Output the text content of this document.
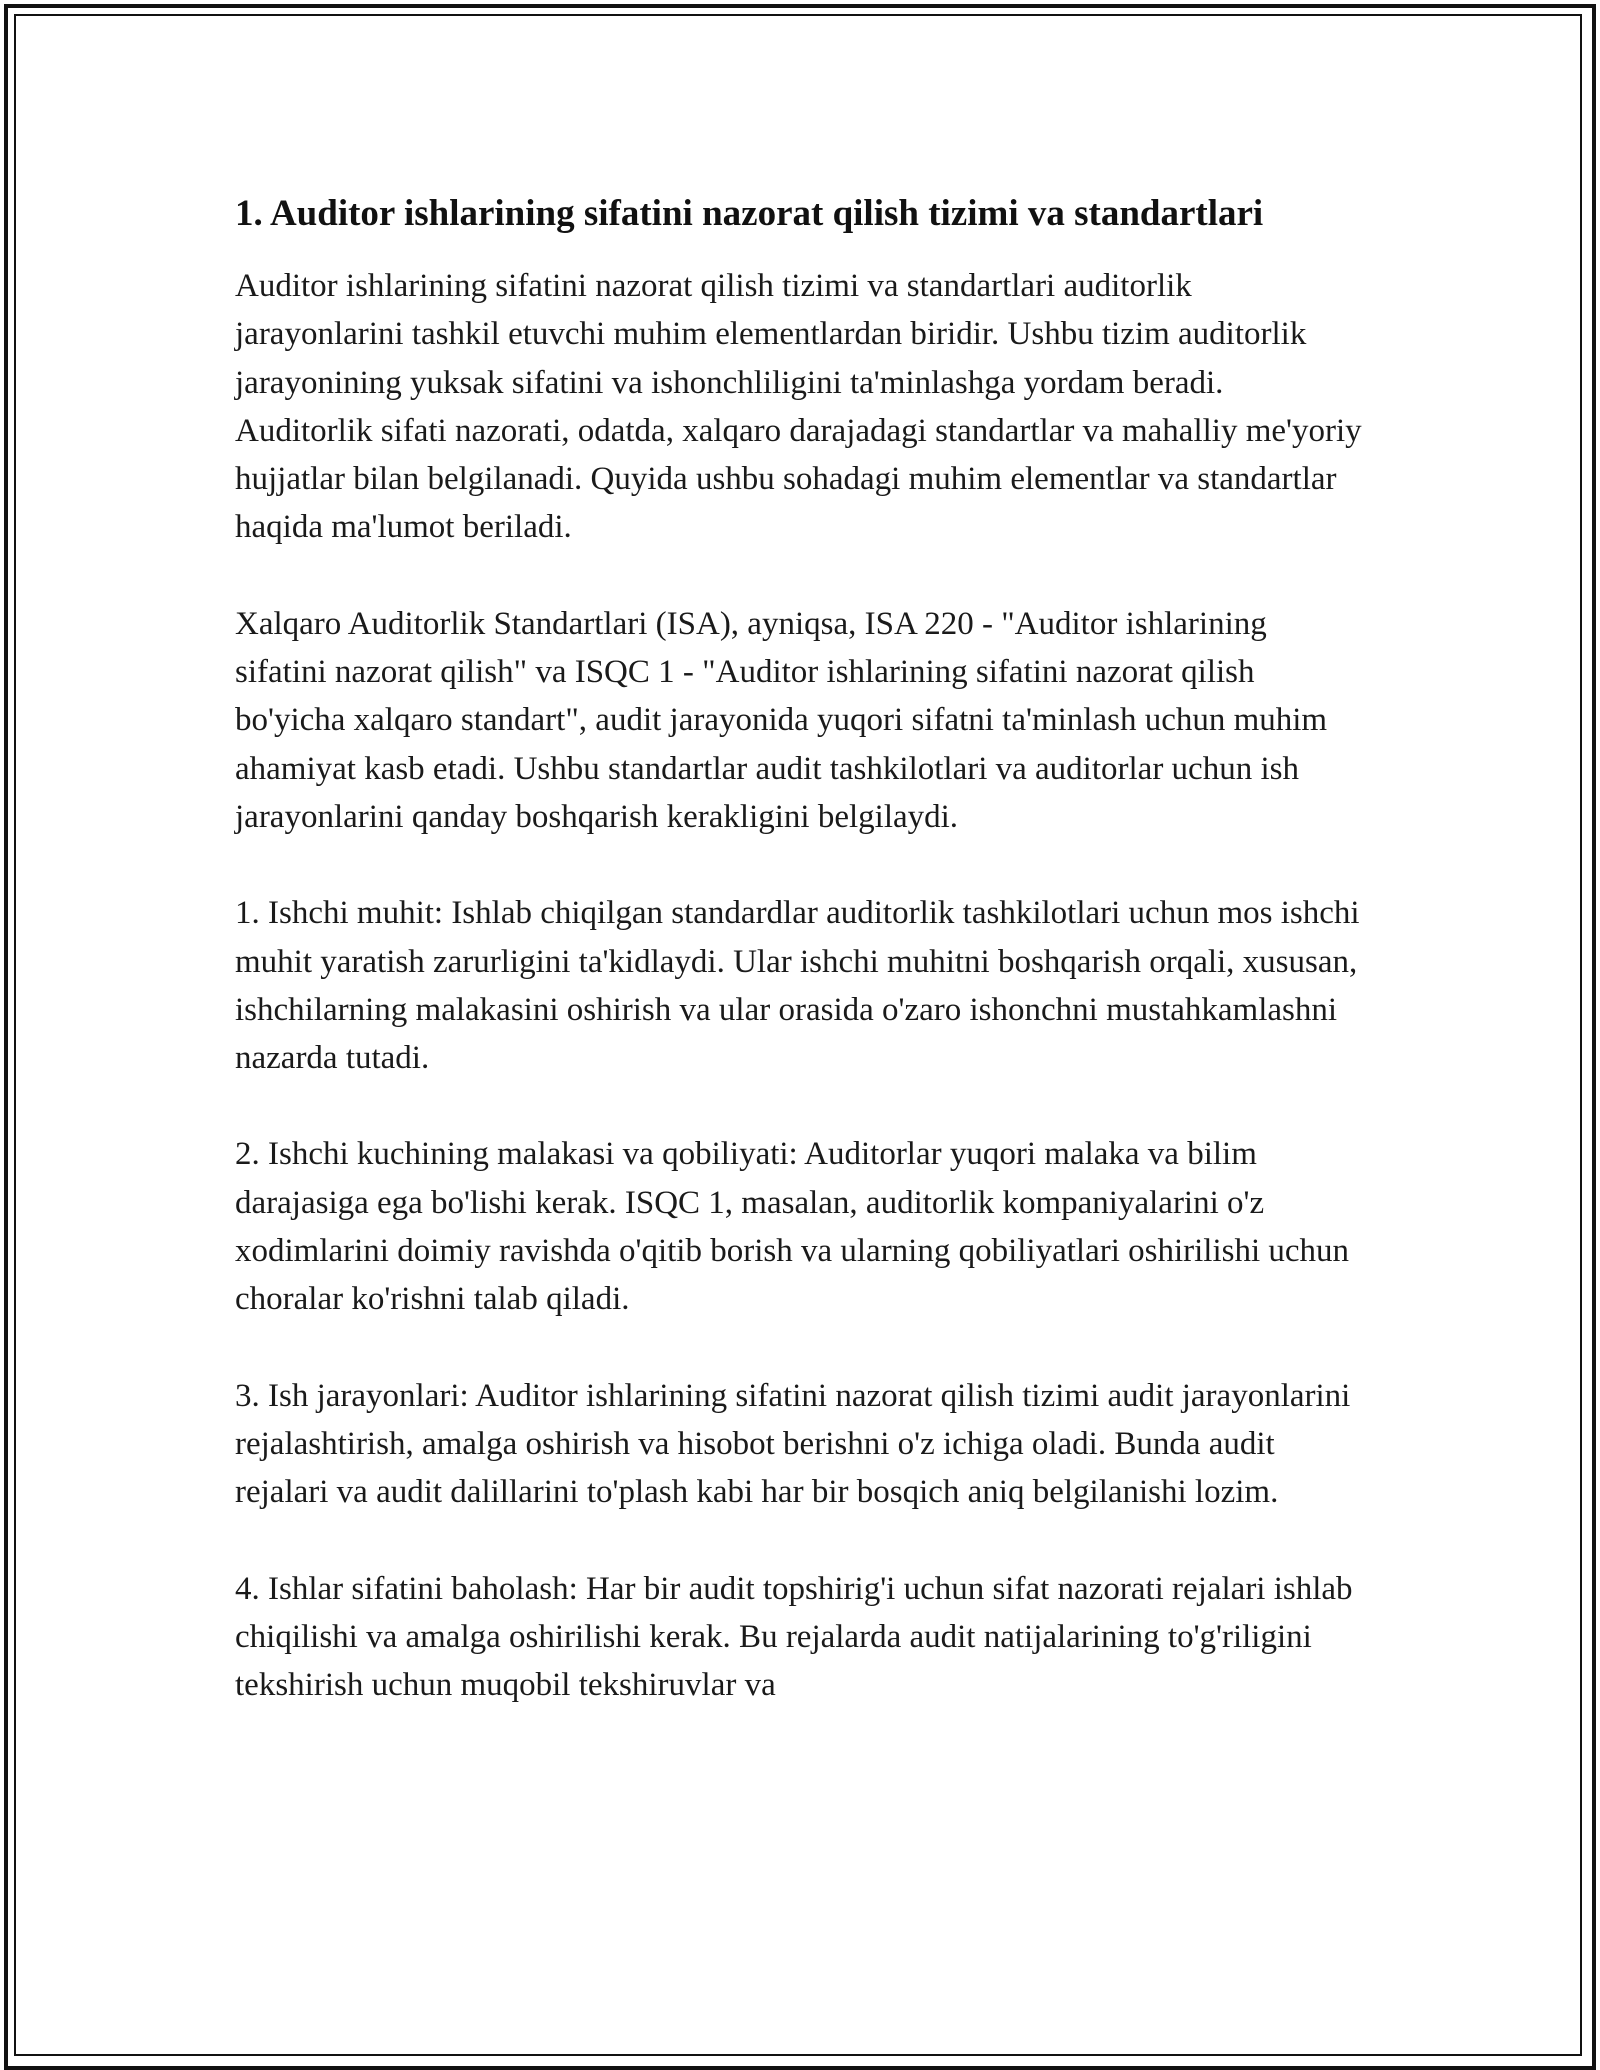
1. Auditor ishlarining sifatini nazorat qilish tizimi va standartlari

Auditor ishlarining sifatini nazorat qilish tizimi va standartlari auditorlik jarayonlarini tashkil etuvchi muhim elementlardan biridir. Ushbu tizim auditorlik jarayonining yuksak sifatini va ishonchliligini ta'minlashga yordam beradi. Auditorlik sifati nazorati, odatda, xalqaro darajadagi standartlar va mahalliy me'yoriy hujjatlar bilan belgilanadi. Quyida ushbu sohadagi muhim elementlar va standartlar haqida ma'lumot beriladi.

Xalqaro Auditorlik Standartlari (ISA), ayniqsa, ISA 220 - "Auditor ishlarining sifatini nazorat qilish" va ISQC 1 - "Auditor ishlarining sifatini nazorat qilish bo'yicha xalqaro standart", audit jarayonida yuqori sifatni ta'minlash uchun muhim ahamiyat kasb etadi. Ushbu standartlar audit tashkilotlari va auditorlar uchun ish jarayonlarini qanday boshqarish kerakligini belgilaydi.

1. Ishchi muhit: Ishlab chiqilgan standardlar auditorlik tashkilotlari uchun mos ishchi muhit yaratish zarurligini ta'kidlaydi. Ular ishchi muhitni boshqarish orqali, xususan, ishchilarning malakasini oshirish va ular orasida o'zaro ishonchni mustahkamlashni nazarda tutadi.

2. Ishchi kuchining malakasi va qobiliyati: Auditorlar yuqori malaka va bilim darajasiga ega bo'lishi kerak. ISQC 1, masalan, auditorlik kompaniyalarini o'z xodimlarini doimiy ravishda o'qitib borish va ularning qobiliyatlari oshirilishi uchun choralar ko'rishni talab qiladi.

3. Ish jarayonlari: Auditor ishlarining sifatini nazorat qilish tizimi audit jarayonlarini rejalashtirish, amalga oshirish va hisobot berishni o'z ichiga oladi. Bunda audit rejalari va audit dalillarini to'plash kabi har bir bosqich aniq belgilanishi lozim.

4. Ishlar sifatini baholash: Har bir audit topshirig'i uchun sifat nazorati rejalari ishlab chiqilishi va amalga oshirilishi kerak. Bu rejalarda audit natijalarining to'g'riligini tekshirish uchun muqobil tekshiruvlar va
